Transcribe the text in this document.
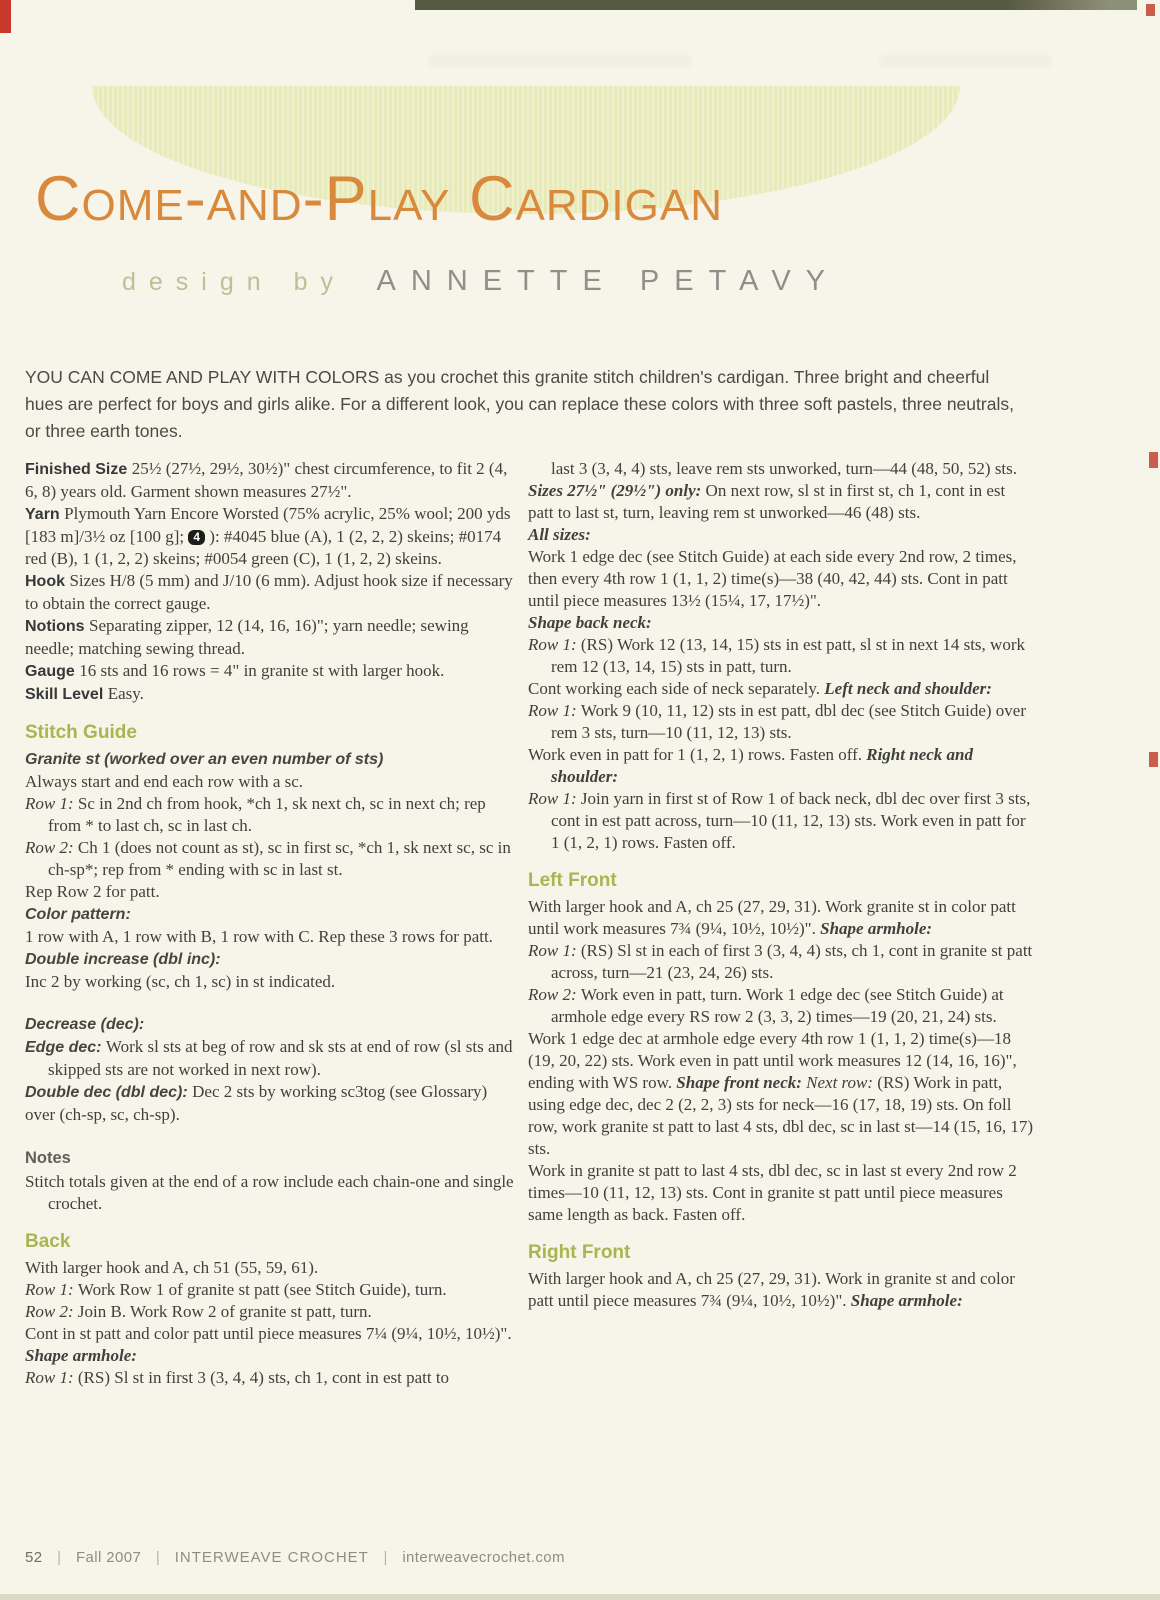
Come-and-Play Cardigan
design by ANNETTE PETAVY
YOU CAN COME AND PLAY WITH COLORS as you crochet this granite stitch children's cardigan. Three bright and cheerful hues are perfect for boys and girls alike. For a different look, you can replace these colors with three soft pastels, three neutrals, or three earth tones.

Finished Size 25½ (27½, 29½, 30½)" chest circumference, to fit 2 (4, 6, 8) years old. Garment shown measures 27½".

Yarn Plymouth Yarn Encore Worsted (75% acrylic, 25% wool; 200 yds [183 m]/3½ oz [100 g]; 4 ): #4045 blue (A), 1 (2, 2, 2) skeins; #0174 red (B), 1 (1, 2, 2) skeins; #0054 green (C), 1 (1, 2, 2) skeins.

Hook Sizes H/8 (5 mm) and J/10 (6 mm). Adjust hook size if necessary to obtain the correct gauge.

Notions Separating zipper, 12 (14, 16, 16)"; yarn needle; sewing needle; matching sewing thread.

Gauge 16 sts and 16 rows = 4" in granite st with larger hook.

Skill Level Easy.

Stitch Guide

Granite st (worked over an even number of sts)

Always start and end each row with a sc.

Row 1: Sc in 2nd ch from hook, *ch 1, sk next ch, sc in next ch; rep from * to last ch, sc in last ch.

Row 2: Ch 1 (does not count as st), sc in first sc, *ch 1, sk next sc, sc in ch-sp*; rep from * ending with sc in last st.

Rep Row 2 for patt.

Color pattern:

1 row with A, 1 row with B, 1 row with C. Rep these 3 rows for patt.

Double increase (dbl inc):

Inc 2 by working (sc, ch 1, sc) in st indicated.

Decrease (dec):

Edge dec: Work sl sts at beg of row and sk sts at end of row (sl sts and skipped sts are not worked in next row).

Double dec (dbl dec): Dec 2 sts by working sc3tog (see Glossary) over (ch-sp, sc, ch-sp).

Notes

Stitch totals given at the end of a row include each chain-one and single crochet.

Back

With larger hook and A, ch 51 (55, 59, 61).

Row 1: Work Row 1 of granite st patt (see Stitch Guide), turn.

Row 2: Join B. Work Row 2 of granite st patt, turn.

Cont in st patt and color patt until piece measures 7¼ (9¼, 10½, 10½)". Shape armhole:

Row 1: (RS) Sl st in first 3 (3, 4, 4) sts, ch 1, cont in est patt to

last 3 (3, 4, 4) sts, leave rem sts unworked, turn—44 (48, 50, 52) sts.

Sizes 27½" (29½") only: On next row, sl st in first st, ch 1, cont in est patt to last st, turn, leaving rem st unworked—46 (48) sts.

All sizes:

Work 1 edge dec (see Stitch Guide) at each side every 2nd row, 2 times, then every 4th row 1 (1, 1, 2) time(s)—38 (40, 42, 44) sts. Cont in patt until piece measures 13½ (15¼, 17, 17½)".

Shape back neck:

Row 1: (RS) Work 12 (13, 14, 15) sts in est patt, sl st in next 14 sts, work rem 12 (13, 14, 15) sts in patt, turn.

Cont working each side of neck separately. Left neck and shoulder:

Row 1: Work 9 (10, 11, 12) sts in est patt, dbl dec (see Stitch Guide) over rem 3 sts, turn—10 (11, 12, 13) sts.

Work even in patt for 1 (1, 2, 1) rows. Fasten off. Right neck and shoulder:

Row 1: Join yarn in first st of Row 1 of back neck, dbl dec over first 3 sts, cont in est patt across, turn—10 (11, 12, 13) sts. Work even in patt for 1 (1, 2, 1) rows. Fasten off.

Left Front

With larger hook and A, ch 25 (27, 29, 31). Work granite st in color patt until work measures 7¾ (9¼, 10½, 10½)". Shape armhole:

Row 1: (RS) Sl st in each of first 3 (3, 4, 4) sts, ch 1, cont in granite st patt across, turn—21 (23, 24, 26) sts.

Row 2: Work even in patt, turn. Work 1 edge dec (see Stitch Guide) at armhole edge every RS row 2 (3, 3, 2) times—19 (20, 21, 24) sts.

Work 1 edge dec at armhole edge every 4th row 1 (1, 1, 2) time(s)—18 (19, 20, 22) sts. Work even in patt until work measures 12 (14, 16, 16)", ending with WS row. Shape front neck: Next row: (RS) Work in patt, using edge dec, dec 2 (2, 2, 3) sts for neck—16 (17, 18, 19) sts. On foll row, work granite st patt to last 4 sts, dbl dec, sc in last st—14 (15, 16, 17) sts.

Work in granite st patt to last 4 sts, dbl dec, sc in last st every 2nd row 2 times—10 (11, 12, 13) sts. Cont in granite st patt until piece measures same length as back. Fasten off.

Right Front

With larger hook and A, ch 25 (27, 29, 31). Work in granite st and color patt until piece measures 7¾ (9¼, 10½, 10½)". Shape armhole:

52 | Fall 2007 | INTERWEAVE CROCHET | interweavecrochet.com
